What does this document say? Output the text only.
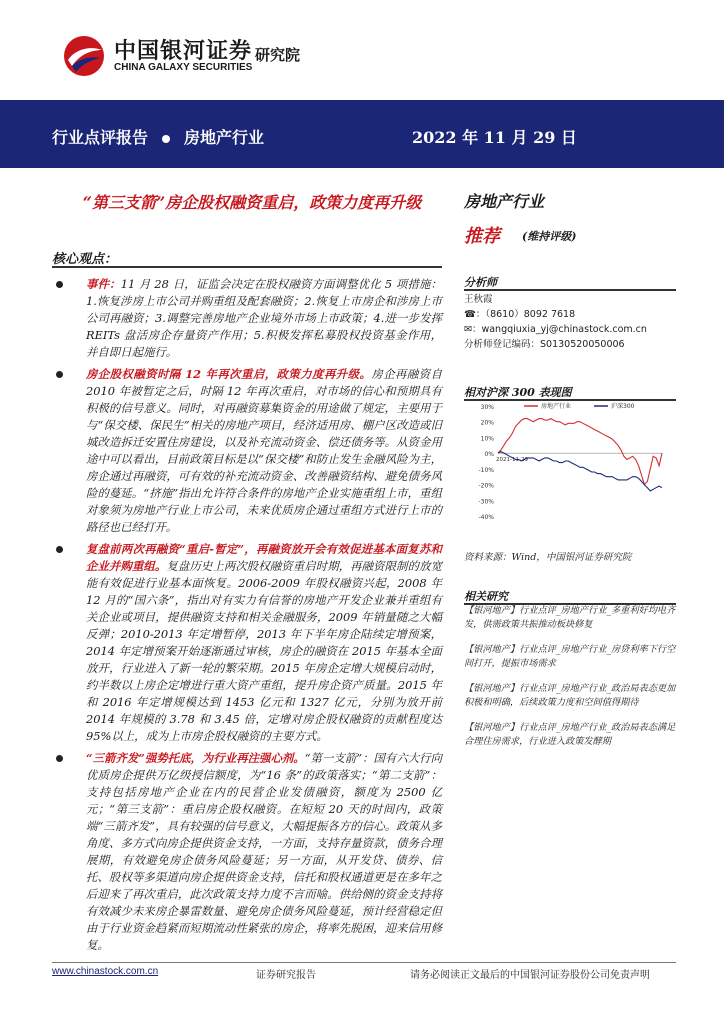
中国银河证券
CHINA GALAXY SECURITIES
研究院
行业点评报告 房地产行业	2022 年 11 月 29 日
“第三支箭”房企股权融资重启，政策力度再升级	房地产行业
推荐 (维持评级)
核心观点：
事件：11 月 28 日，证监会决定在股权融资方面调整优化 5 项措施：1.恢复涉房上市公司并购重组及配套融资；2.恢复上市房企和涉房上市公司再融资；3.调整完善房地产企业境外市场上市政策；4.进一步发挥 REITs 盘活房企存量资产作用；5.积极发挥私募股权投资基金作用，并自即日起施行。
房企股权融资时隔 12 年再次重启，政策力度再升级。房企再融资自 2010 年被暂定之后，时隔 12 年再次重启，对市场的信心和预期具有积极的信号意义。同时，对再融资募集资金的用途做了规定，主要用于与“保交楼、保民生”相关的房地产项目，经济适用房、棚户区改造或旧城改造拆迁安置住房建设，以及补充流动资金、偿还债务等。从资金用途中可以看出，目前政策目标是以“保交楼”和防止发生金融风险为主，房企通过再融资，可有效的补充流动资金、改善融资结构、避免债务风险的蔓延。“挤施”指出允许符合条件的房地产企业实施重组上市，重组对象须为房地产行业上市公司，未来优质房企通过重组方式进行上市的路径也已经打开。
复盘前两次再融资“重启-暂定”，再融资放开会有效促进基本面复苏和企业并购重组。复盘历史上两次股权融资重启时期，再融资限制的放宽能有效促进行业基本面恢复。2006-2009 年股权融资兴起，2008 年 12 月的“国六条”，指出对有实力有信誉的房地产开发企业兼并重组有关企业或项目，提供融资支持和相关金融服务，2009 年销量随之大幅反弹；2010-2013 年定增暂停，2013 年下半年房企陆续定增预案，2014 年定增预案开始逐渐通过审核，房企的融资在 2015 年基本全面放开，行业进入了新一轮的繁荣期。2015 年房企定增大规模启动时，约半数以上房企定增进行重大资产重组，提升房企资产质量。2015 年和 2016 年定增规模达到 1453 亿元和 1327 亿元，分别为放开前 2014 年规模的 3.78 和 3.45 倍，定增对房企股权融资的贡献程度达 95%以上，成为上市房企股权融资的主要方式。
“三箭齐发”强势托底，为行业再注强心剂。“第一支箭”：国有六大行向优质房企提供万亿级授信额度，为“16 条”的政策落实；“第二支箭”：支持包括房地产企业在内的民营企业发债融资，额度为 2500 亿元；“第三支箭”：重启房企股权融资。在短短 20 天的时间内，政策端“三箭齐发”，具有较强的信号意义，大幅提振各方的信心。政策从多角度、多方式向房企提供资金支持，一方面，支持存量资款，债务合理展期，有效避免房企债务风险蔓延；另一方面，从开发贷、债券、信托、股权等多渠道向房企提供资金支持，信托和股权通道更是在多年之后迎来了再次重启，此次政策支持力度不言而喻。供给侧的资金支持将有效减少未来房企暴雷数量、避免房企债务风险蔓延，预计经营稳定但由于行业资金趋紧而短期流动性紧张的房企，将率先脱困，迎来信用修复。
分析师
王秋霞
☎：（8610）8092 7618
✉：wangqiuxia_yj@chinastock.com.cn
分析师登记编码：S0130520050006
相对沪深 300 表现图
30%
20%
10%
0%
-10%
-20%
-30%
-40%
2021-11-29
房地产行业	沪深300
资料来源：Wind，中国银河证券研究院
相关研究
【银河地产】行业点评_房地产行业_多重利好均电齐发，供需政策共振推动板块修复
【银河地产】行业点评_房地产行业_房贷利率下行空间打开，提振市场需求
【银河地产】行业点评_房地产行业_政治局表态更加积极和明确，后续政策力度和空间值得期待
【银河地产】行业点评_房地产行业_政治局表态满足合理住房需求，行业进入政策发酵期
www.chinastock.com.cn	证券研究报告	请务必阅读正文最后的中国银河证券股份公司免责声明
